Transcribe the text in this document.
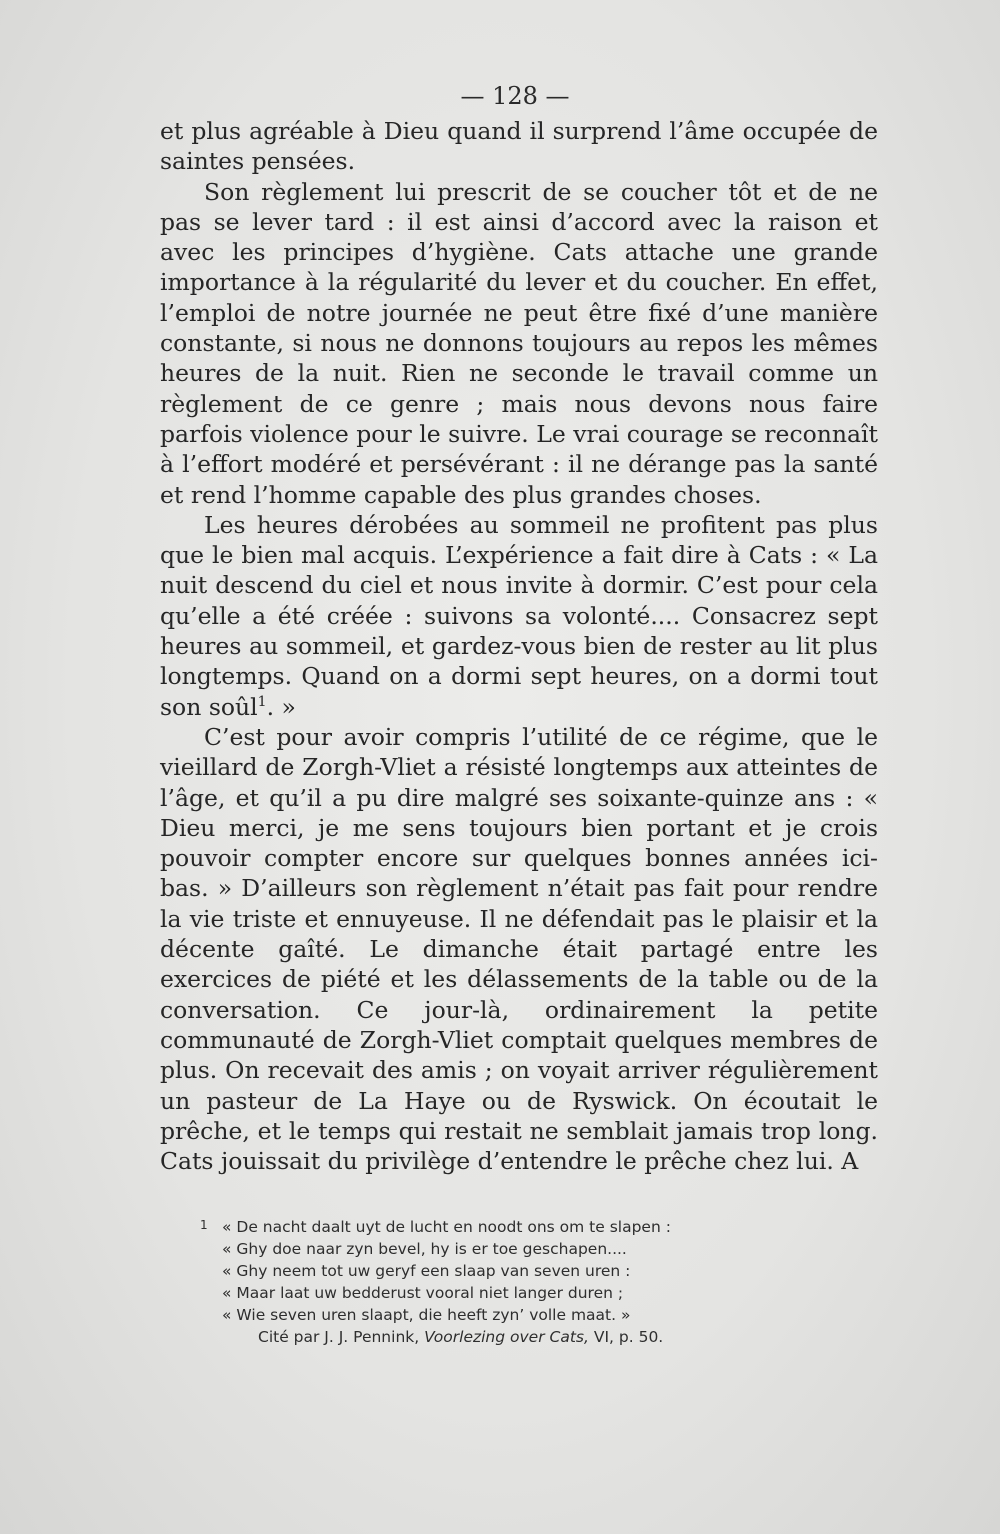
— 128 —

et plus agréable à Dieu quand il surprend l’âme occupée de saintes pensées.

Son règlement lui prescrit de se coucher tôt et de ne pas se lever tard : il est ainsi d’accord avec la raison et avec les principes d’hygiène. Cats attache une grande importance à la régularité du lever et du coucher. En effet, l’emploi de notre journée ne peut être fixé d’une manière constante, si nous ne donnons toujours au repos les mêmes heures de la nuit. Rien ne seconde le travail comme un règlement de ce genre ; mais nous devons nous faire parfois violence pour le suivre. Le vrai courage se reconnaît à l’effort modéré et persévérant : il ne dérange pas la santé et rend l’homme capable des plus grandes choses.

Les heures dérobées au sommeil ne profitent pas plus que le bien mal acquis. L’expérience a fait dire à Cats : « La nuit descend du ciel et nous invite à dormir. C’est pour cela qu’elle a été créée : suivons sa volonté.... Consacrez sept heures au sommeil, et gardez-vous bien de rester au lit plus longtemps. Quand on a dormi sept heures, on a dormi tout son soûl$^1$. »

C’est pour avoir compris l’utilité de ce régime, que le vieillard de Zorgh-Vliet a résisté longtemps aux atteintes de l’âge, et qu’il a pu dire malgré ses soixante-quinze ans : « Dieu merci, je me sens toujours bien portant et je crois pouvoir compter encore sur quelques bonnes années ici-bas. » D’ailleurs son règlement n’était pas fait pour rendre la vie triste et ennuyeuse. Il ne défendait pas le plaisir et la décente gaîté. Le dimanche était partagé entre les exercices de piété et les délassements de la table ou de la conversation. Ce jour-là, ordinairement la petite communauté de Zorgh-Vliet comptait quelques membres de plus. On recevait des amis ; on voyait arriver régulièrement un pasteur de La Haye ou de Ryswick. On écoutait le prêche, et le temps qui restait ne semblait jamais trop long. Cats jouissait du privilège d’entendre le prêche chez lui. A

1 « De nacht daalt uyt de lucht en noodt ons om te slapen :

« Ghy doe naar zyn bevel, hy is er toe geschapen....

« Ghy neem tot uw geryf een slaap van seven uren :

« Maar laat uw bedderust vooral niet langer duren ;

« Wie seven uren slaapt, die heeft zyn’ volle maat. »

Cité par J. J. Pennink, Voorlezing over Cats, VI, p. 50.
